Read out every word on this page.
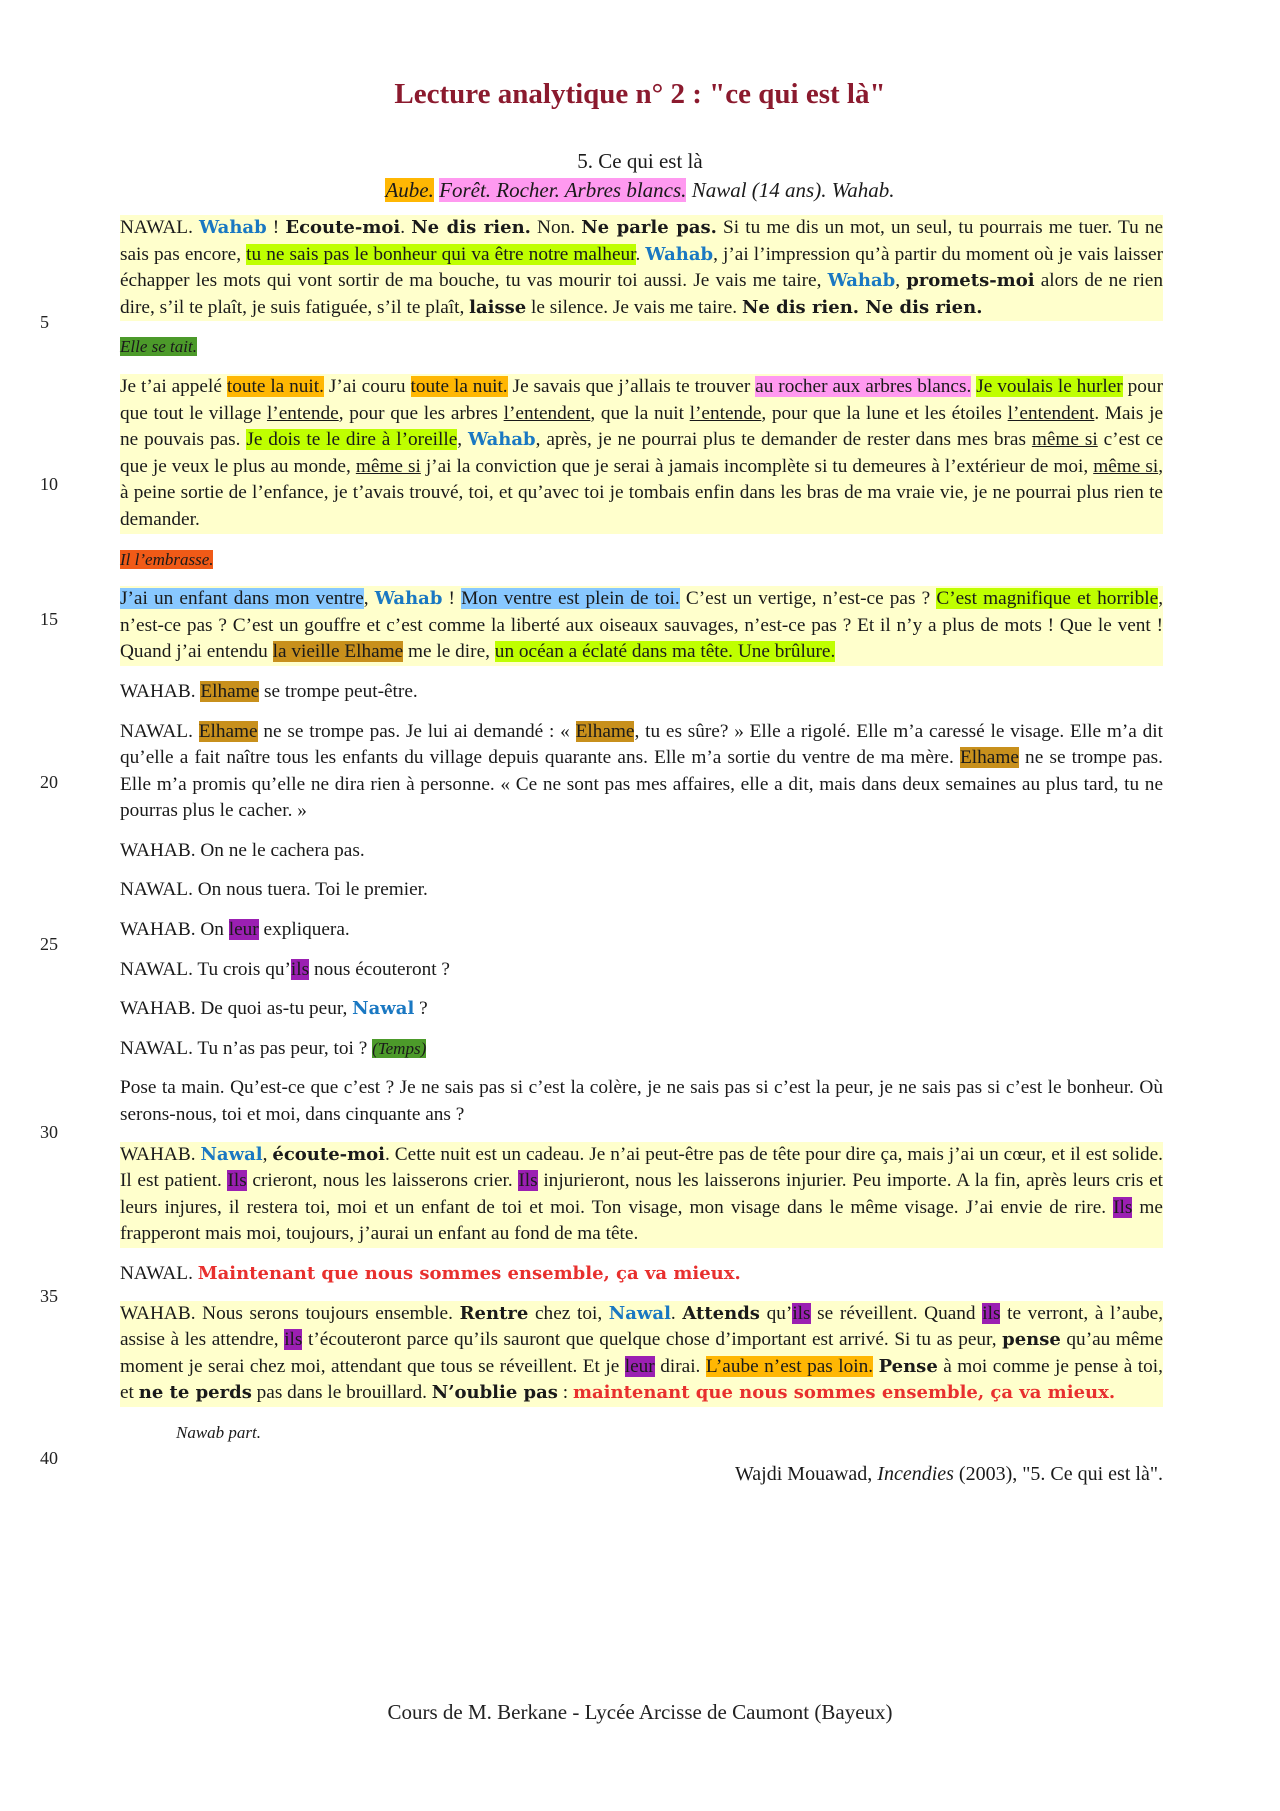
Lecture analytique n° 2 : "ce qui est là"
5. Ce qui est là
Aube. Forêt. Rocher. Arbres blancs. Nawal (14 ans). Wahab.
5
10
15
20
25
30
35
40

NAWAL. Wahab ! Ecoute-moi. Ne dis rien. Non. Ne parle pas. Si tu me dis un mot, un seul, tu pourrais me tuer. Tu ne sais pas encore, tu ne sais pas le bonheur qui va être notre malheur. Wahab, j’ai l’impression qu’à partir du moment où je vais laisser échapper les mots qui vont sortir de ma bouche, tu vas mourir toi aussi. Je vais me taire, Wahab, promets-moi alors de ne rien dire, s’il te plaît, je suis fatiguée, s’il te plaît, laisse le silence. Je vais me taire. Ne dis rien. Ne dis rien.

Elle se tait.

Je t’ai appelé toute la nuit. J’ai couru toute la nuit. Je savais que j’allais te trouver au rocher aux arbres blancs. Je voulais le hurler pour que tout le village l’entende, pour que les arbres l’entendent, que la nuit l’entende, pour que la lune et les étoiles l’entendent. Mais je ne pouvais pas. Je dois te le dire à l’oreille, Wahab, après, je ne pourrai plus te demander de rester dans mes bras même si c’est ce que je veux le plus au monde, même si j’ai la conviction que je serai à jamais incomplète si tu demeures à l’extérieur de moi, même si, à peine sortie de l’enfance, je t’avais trouvé, toi, et qu’avec toi je tombais enfin dans les bras de ma vraie vie, je ne pourrai plus rien te demander.

Il l’embrasse.

J’ai un enfant dans mon ventre, Wahab ! Mon ventre est plein de toi. C’est un vertige, n’est-ce pas ? C’est magnifique et horrible, n’est-ce pas ? C’est un gouffre et c’est comme la liberté aux oiseaux sauvages, n’est-ce pas ? Et il n’y a plus de mots ! Que le vent ! Quand j’ai entendu la vieille Elhame me le dire, un océan a éclaté dans ma tête. Une brûlure.

WAHAB. Elhame se trompe peut-être.

NAWAL. Elhame ne se trompe pas. Je lui ai demandé : « Elhame, tu es sûre? » Elle a rigolé. Elle m’a caressé le visage. Elle m’a dit qu’elle a fait naître tous les enfants du village depuis quarante ans. Elle m’a sortie du ventre de ma mère. Elhame ne se trompe pas. Elle m’a promis qu’elle ne dira rien à personne. « Ce ne sont pas mes affaires, elle a dit, mais dans deux semaines au plus tard, tu ne pourras plus le cacher. »

WAHAB. On ne le cachera pas.

NAWAL. On nous tuera. Toi le premier.

WAHAB. On leur expliquera.

NAWAL. Tu crois qu’ils nous écouteront ?

WAHAB. De quoi as-tu peur, Nawal ?

NAWAL. Tu n’as pas peur, toi ? (Temps)

Pose ta main. Qu’est-ce que c’est ? Je ne sais pas si c’est la colère, je ne sais pas si c’est la peur, je ne sais pas si c’est le bonheur. Où serons-nous, toi et moi, dans cinquante ans ?

WAHAB. Nawal, écoute-moi. Cette nuit est un cadeau. Je n’ai peut-être pas de tête pour dire ça, mais j’ai un cœur, et il est solide. Il est patient. Ils crieront, nous les laisserons crier. Ils injurieront, nous les laisserons injurier. Peu importe. A la fin, après leurs cris et leurs injures, il restera toi, moi et un enfant de toi et moi. Ton visage, mon visage dans le même visage. J’ai envie de rire. Ils me frapperont mais moi, toujours, j’aurai un enfant au fond de ma tête.

NAWAL. Maintenant que nous sommes ensemble, ça va mieux.

WAHAB. Nous serons toujours ensemble. Rentre chez toi, Nawal. Attends qu’ils se réveillent. Quand ils te verront, à l’aube, assise à les attendre, ils t’écouteront parce qu’ils sauront que quelque chose d’important est arrivé. Si tu as peur, pense qu’au même moment je serai chez moi, attendant que tous se réveillent. Et je leur dirai. L’aube n’est pas loin. Pense à moi comme je pense à toi, et ne te perds pas dans le brouillard. N’oublie pas : maintenant que nous sommes ensemble, ça va mieux.

Nawab part.

Wajdi Mouawad, Incendies (2003), "5. Ce qui est là".

Cours de M. Berkane - Lycée Arcisse de Caumont (Bayeux)
